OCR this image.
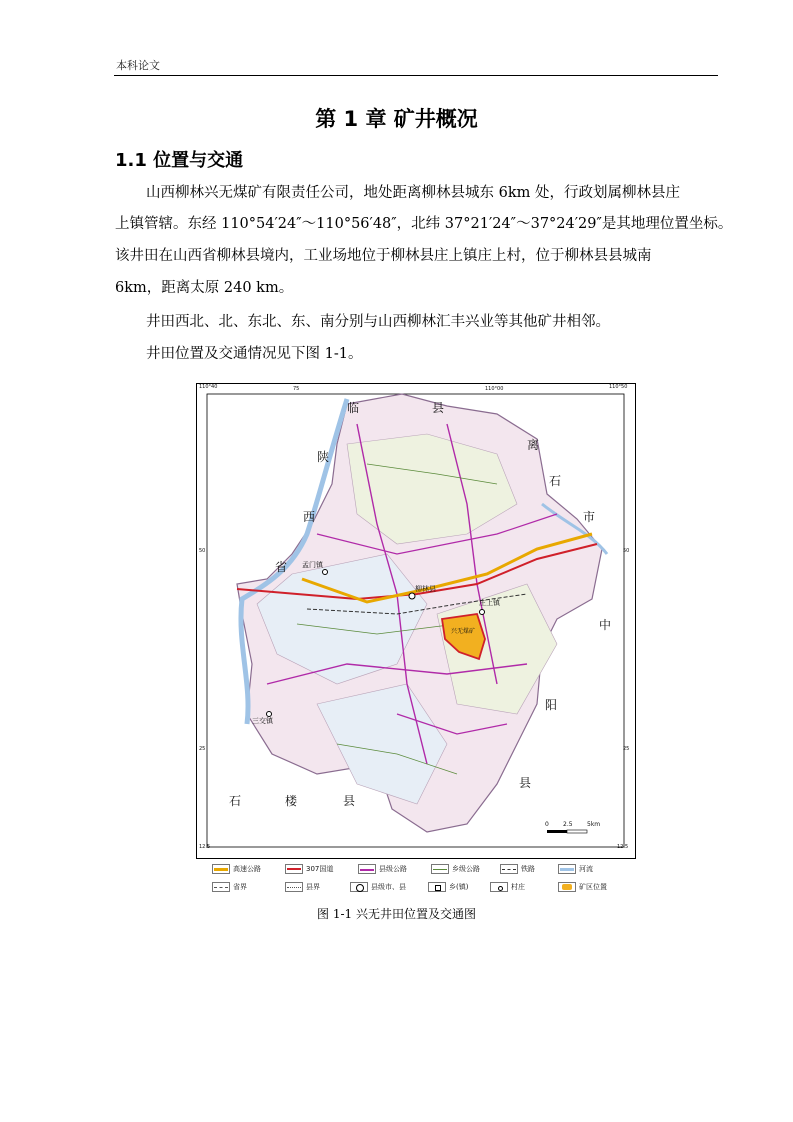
本科论文
第 1 章 矿井概况
1.1 位置与交通
山西柳林兴无煤矿有限责任公司，地处距离柳林县城东 6km 处，行政划属柳林县庄
上镇管辖。东经 110°54′24″～110°56′48″，北纬 37°21′24″～37°24′29″是其地理位置坐标。
该井田在山西省柳林县境内，工业场地位于柳林县庄上镇庄上村，位于柳林县县城南
6km，距离太原 240 km。
井田西北、北、东北、东、南分别与山西柳林汇丰兴业等其他矿井相邻。
井田位置及交通情况见下图 1-1。
临	县
离
石
市
陕
西
省
中
阳
县
石	楼	县
柳林县
庄上镇
兴无煤矿
孟门镇
三交镇
110°40	75	110°00	110°50
50	50
25	25
12.5	12.5
0 2.5 5km
高速公路	307国道	县级公路	乡级公路	铁路	河流
省界	县界	县级市、县	乡(镇)	村庄	矿区位置
图 1-1 兴无井田位置及交通图
